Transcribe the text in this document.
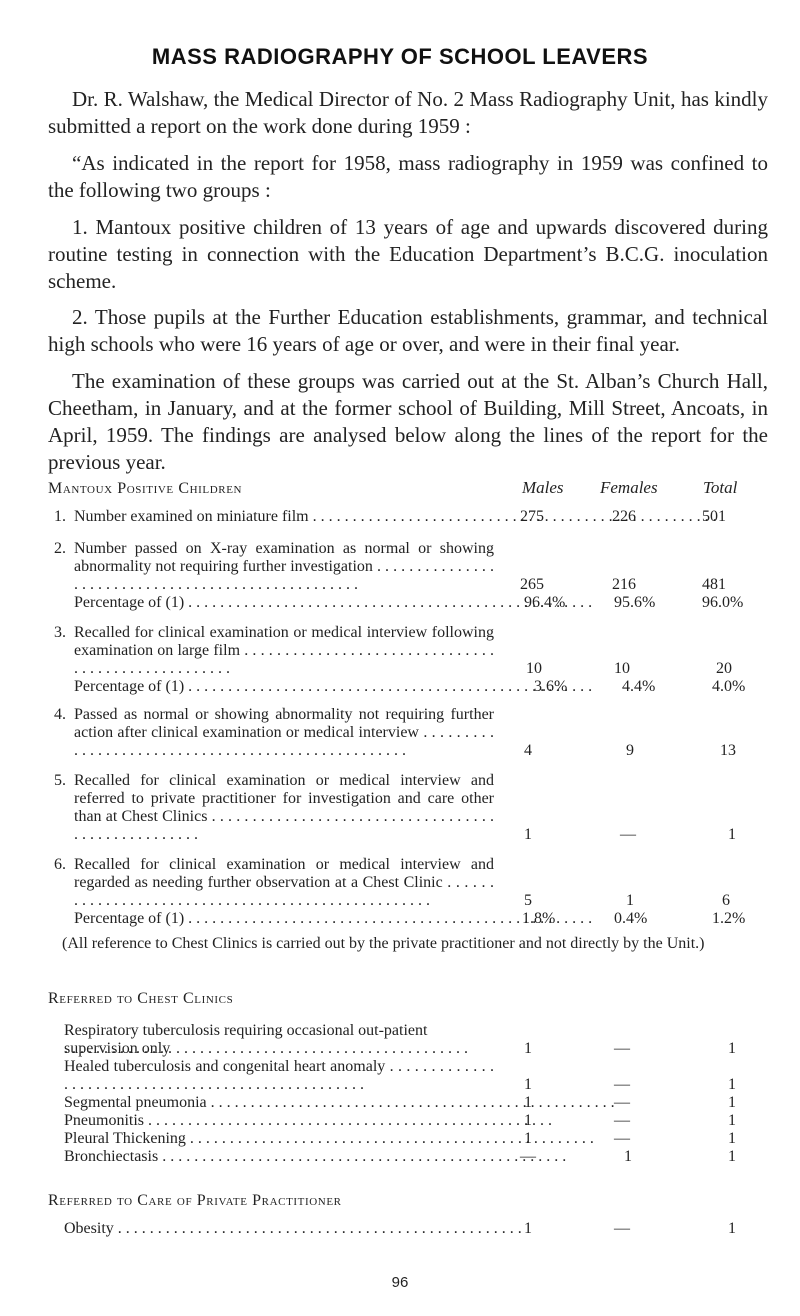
MASS RADIOGRAPHY OF SCHOOL LEAVERS

Dr. R. Walshaw, the Medical Director of No. 2 Mass Radiography Unit, has kindly submitted a report on the work done during 1959 :

“As indicated in the report for 1958, mass radiography in 1959 was confined to the following two groups :

1. Mantoux positive children of 13 years of age and upwards discovered during routine testing in connection with the Education Department’s B.C.G. inoculation scheme.

2. Those pupils at the Further Education establishments, grammar, and technical high schools who were 16 years of age or over, and were in their final year.

The examination of these groups was carried out at the St. Alban’s Church Hall, Cheetham, in January, and at the former school of Building, Mill Street, Ancoats, in April, 1959. The findings are analysed below along the lines of the report for the previous year.

Mantoux Positive Children	Males Females	Total
1. Number examined on miniature film . . .	275	226	501
2. Number passed on X-ray examination as normal or showing abnormality not requiring further investigation . . .
265	216	481
Percentage of (1) . . .	96.4%	95.6%	96.0%
3. Recalled for clinical examination or medical interview following examination on large film . . .
10	10	20
Percentage of (1) . . .	3.6%	4.4%	4.0%
4. Passed as normal or showing abnormality not requiring further action after clinical examination or medical interview . . .
4	9	13
5. Recalled for clinical examination or medical interview and referred to private practitioner for investigation and care other than at Chest Clinics . . .
1	—	1
6. Recalled for clinical examination or medical interview and regarded as needing further observation at a Chest Clinic . . .
5	1	6
Percentage of (1) . . .	1.8%	0.4%	1.2%
(All reference to Chest Clinics is carried out by the private practitioner and not directly by the Unit.)
Referred to Chest Clinics
Respiratory tuberculosis requiring occasional out-patient supervision only . . .	1	—	1
Healed tuberculosis and congenital heart anomaly . . .
1	—	1
Segmental pneumonia . . .	1	—	1
Pneumonitis . . .	1	—	1
Pleural Thickening . . .	1	—	1
Bronchiectasis . . .	—	1	1
Referred to Care of Private Practitioner
Obesity . . .	1	—	1
96
